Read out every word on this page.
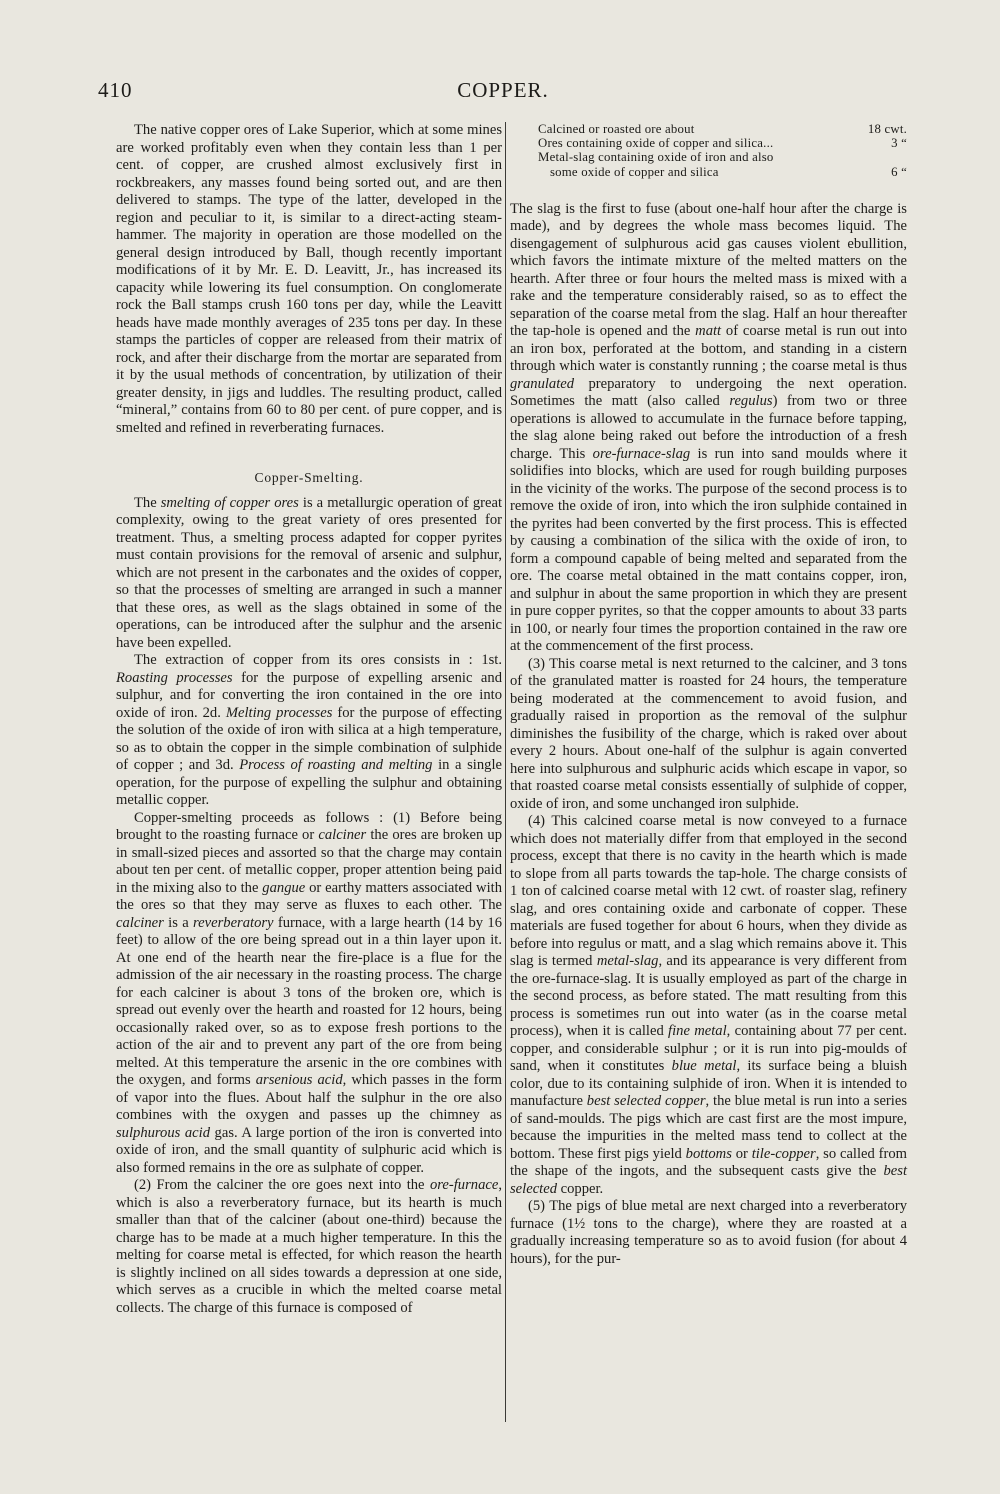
410	COPPER.

The native copper ores of Lake Superior, which at some mines are worked profitably even when they contain less than 1 per cent. of copper, are crushed almost exclusively first in rockbreakers, any masses found being sorted out, and are then delivered to stamps. The type of the latter, developed in the region and peculiar to it, is similar to a direct-acting steam-hammer. The majority in operation are those modelled on the general design introduced by Ball, though recently important modifications of it by Mr. E. D. Leavitt, Jr., has increased its capacity while lowering its fuel consumption. On conglomerate rock the Ball stamps crush 160 tons per day, while the Leavitt heads have made monthly averages of 235 tons per day. In these stamps the particles of copper are released from their matrix of rock, and after their discharge from the mortar are separated from it by the usual methods of concentration, by utilization of their greater density, in jigs and luddles. The resulting product, called “mineral,” contains from 60 to 80 per cent. of pure copper, and is smelted and refined in reverberating furnaces.

Copper-Smelting.

The smelting of copper ores is a metallurgic operation of great complexity, owing to the great variety of ores presented for treatment. Thus, a smelting process adapted for copper pyrites must contain provisions for the removal of arsenic and sulphur, which are not present in the carbonates and the oxides of copper, so that the processes of smelting are arranged in such a manner that these ores, as well as the slags obtained in some of the operations, can be introduced after the sulphur and the arsenic have been expelled.

The extraction of copper from its ores consists in : 1st. Roasting processes for the purpose of expelling arsenic and sulphur, and for converting the iron contained in the ore into oxide of iron. 2d. Melting processes for the purpose of effecting the solution of the oxide of iron with silica at a high temperature, so as to obtain the copper in the simple combination of sulphide of copper ; and 3d. Process of roasting and melting in a single operation, for the purpose of expelling the sulphur and obtaining metallic copper.

Copper-smelting proceeds as follows : (1) Before being brought to the roasting furnace or calciner the ores are broken up in small-sized pieces and assorted so that the charge may contain about ten per cent. of metallic copper, proper attention being paid in the mixing also to the gangue or earthy matters associated with the ores so that they may serve as fluxes to each other. The calciner is a reverberatory furnace, with a large hearth (14 by 16 feet) to allow of the ore being spread out in a thin layer upon it. At one end of the hearth near the fire-place is a flue for the admission of the air necessary in the roasting process. The charge for each calciner is about 3 tons of the broken ore, which is spread out evenly over the hearth and roasted for 12 hours, being occasionally raked over, so as to expose fresh portions to the action of the air and to prevent any part of the ore from being melted. At this temperature the arsenic in the ore combines with the oxygen, and forms arsenious acid, which passes in the form of vapor into the flues. About half the sulphur in the ore also combines with the oxygen and passes up the chimney as sulphurous acid gas. A large portion of the iron is converted into oxide of iron, and the small quantity of sulphuric acid which is also formed remains in the ore as sulphate of copper.

(2) From the calciner the ore goes next into the ore-furnace, which is also a reverberatory furnace, but its hearth is much smaller than that of the calciner (about one-third) because the charge has to be made at a much higher temperature. In this the melting for coarse metal is effected, for which reason the hearth is slightly inclined on all sides towards a depression at one side, which serves as a crucible in which the melted coarse metal collects. The charge of this furnace is composed of

Calcined or roasted ore about	18 cwt.
Ores containing oxide of copper and silica...	3 “
Metal-slag containing oxide of iron and also
some oxide of copper and silica	6 “

The slag is the first to fuse (about one-half hour after the charge is made), and by degrees the whole mass becomes liquid. The disengagement of sulphurous acid gas causes violent ebullition, which favors the intimate mixture of the melted matters on the hearth. After three or four hours the melted mass is mixed with a rake and the temperature considerably raised, so as to effect the separation of the coarse metal from the slag. Half an hour thereafter the tap-hole is opened and the matt of coarse metal is run out into an iron box, perforated at the bottom, and standing in a cistern through which water is constantly running ; the coarse metal is thus granulated preparatory to undergoing the next operation. Sometimes the matt (also called regulus) from two or three operations is allowed to accumulate in the furnace before tapping, the slag alone being raked out before the introduction of a fresh charge. This ore-furnace-slag is run into sand moulds where it solidifies into blocks, which are used for rough building purposes in the vicinity of the works. The purpose of the second process is to remove the oxide of iron, into which the iron sulphide contained in the pyrites had been converted by the first process. This is effected by causing a combination of the silica with the oxide of iron, to form a compound capable of being melted and separated from the ore. The coarse metal obtained in the matt contains copper, iron, and sulphur in about the same proportion in which they are present in pure copper pyrites, so that the copper amounts to about 33 parts in 100, or nearly four times the proportion contained in the raw ore at the commencement of the first process.

(3) This coarse metal is next returned to the calciner, and 3 tons of the granulated matter is roasted for 24 hours, the temperature being moderated at the commencement to avoid fusion, and gradually raised in proportion as the removal of the sulphur diminishes the fusibility of the charge, which is raked over about every 2 hours. About one-half of the sulphur is again converted here into sulphurous and sulphuric acids which escape in vapor, so that roasted coarse metal consists essentially of sulphide of copper, oxide of iron, and some unchanged iron sulphide.

(4) This calcined coarse metal is now conveyed to a furnace which does not materially differ from that employed in the second process, except that there is no cavity in the hearth which is made to slope from all parts towards the tap-hole. The charge consists of 1 ton of calcined coarse metal with 12 cwt. of roaster slag, refinery slag, and ores containing oxide and carbonate of copper. These materials are fused together for about 6 hours, when they divide as before into regulus or matt, and a slag which remains above it. This slag is termed metal-slag, and its appearance is very different from the ore-furnace-slag. It is usually employed as part of the charge in the second process, as before stated. The matt resulting from this process is sometimes run out into water (as in the coarse metal process), when it is called fine metal, containing about 77 per cent. copper, and considerable sulphur ; or it is run into pig-moulds of sand, when it constitutes blue metal, its surface being a bluish color, due to its containing sulphide of iron. When it is intended to manufacture best selected copper, the blue metal is run into a series of sand-moulds. The pigs which are cast first are the most impure, because the impurities in the melted mass tend to collect at the bottom. These first pigs yield bottoms or tile-copper, so called from the shape of the ingots, and the subsequent casts give the best selected copper.

(5) The pigs of blue metal are next charged into a reverberatory furnace (1½ tons to the charge), where they are roasted at a gradually increasing temperature so as to avoid fusion (for about 4 hours), for the pur-
